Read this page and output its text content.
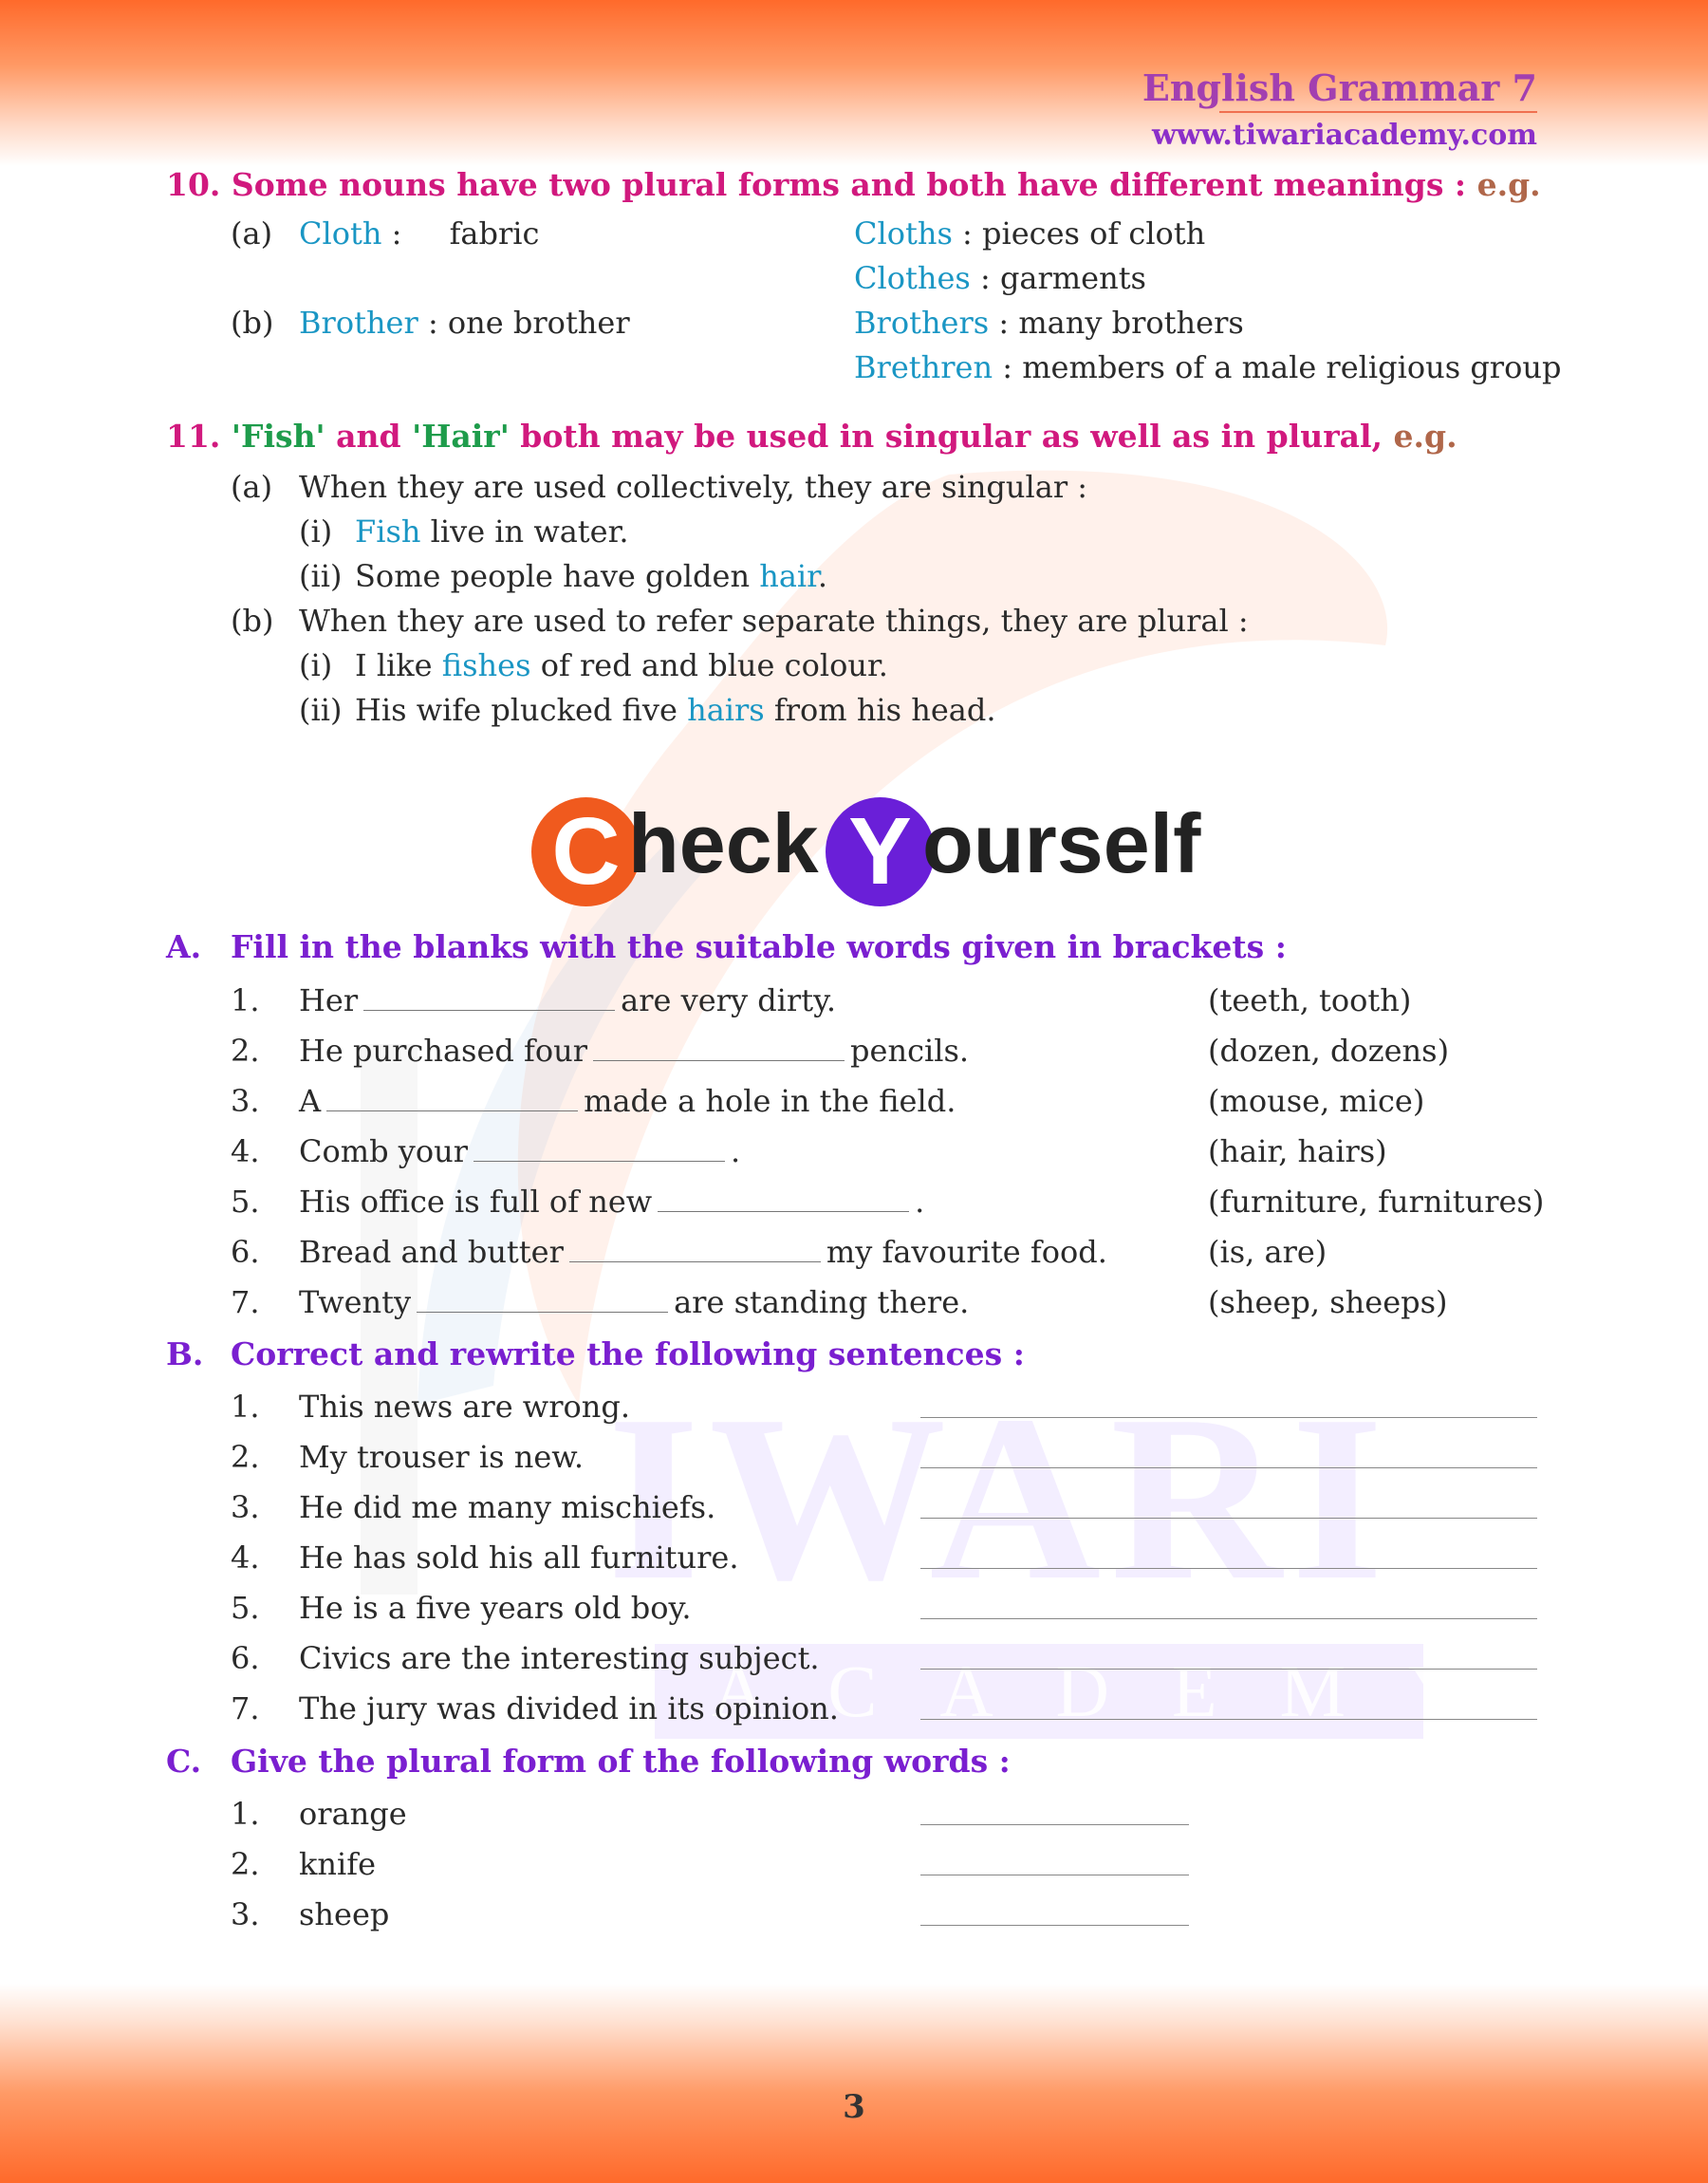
IWARI
ACADEMY
English Grammar 7
www.tiwariacademy.com
10. Some nouns have two plural forms and both have different meanings : e.g.
(a) Cloth : fabric	Cloths : pieces of cloth
Clothes : garments
(b) Brother : one brother	Brothers : many brothers
Brethren : members of a male religious group
11. 'Fish' and 'Hair' both may be used in singular as well as in plural, e.g.
(a) When they are used collectively, they are singular :
(i) Fish live in water.
(ii) Some people have golden hair.
(b) When they are used to refer separate things, they are plural :
(i) I like fishes of red and blue colour.
(ii) His wife plucked five hairs from his head.
C heck Y ourself
A. Fill in the blanks with the suitable words given in brackets :
1. Her	are very dirty.	(teeth, tooth)
2. He purchased four	pencils.	(dozen, dozens)
3. A	made a hole in the field.	(mouse, mice)
4. Comb your	.	(hair, hairs)
5. His office is full of new	.	(furniture, furnitures)
6. Bread and butter	my favourite food.	(is, are)
7. Twenty	are standing there.	(sheep, sheeps)
B. Correct and rewrite the following sentences :
1. This news are wrong.
2. My trouser is new.
3. He did me many mischiefs.
4. He has sold his all furniture.
5. He is a five years old boy.
6. Civics are the interesting subject.
7. The jury was divided in its opinion.
C. Give the plural form of the following words :
1. orange
2. knife
3. sheep
3
